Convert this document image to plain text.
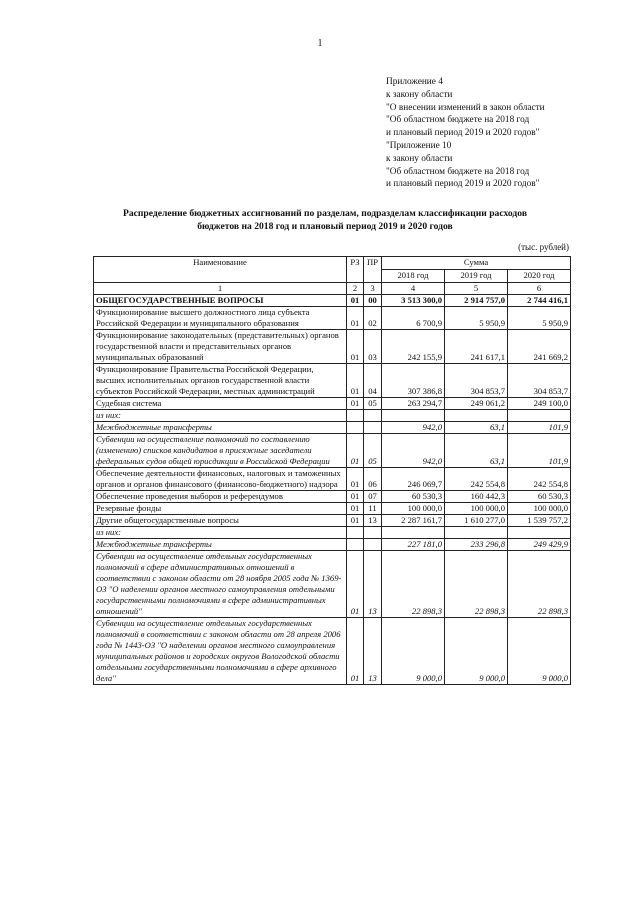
1
Приложение 4
к закону области
"О внесении изменений в закон области
"Об областном бюджете на 2018 год
и плановый период 2019 и 2020 годов"
"Приложение 10
к закону области
"Об областном бюджете на 2018 год
и плановый период 2019 и 2020 годов"
Распределение бюджетных ассигнований по разделам, подразделам классификации расходов
бюджетов на 2018 год и плановый период 2019 и 2020 годов
(тыс. рублей)
Наименование	РЗ	ПР	Сумма		
			2018 год	2019 год	2020 год
1	2	3	4	5	6
ОБЩЕГОСУДАРСТВЕННЫЕ ВОПРОСЫ	01	00	3 513 300,0	2 914 757,0	2 744 416,1
Функционирование высшего должностного лица субъекта Российской Федерации и муниципального образования	01	02	6 700,9	5 950,9	5 950,9
Функционирование законодательных (представительных) органов государственной власти и представительных органов муниципальных образований	01	03	242 155,9	241 617,1	241 669,2
Функционирование Правительства Российской Федерации, высших исполнительных органов государственной власти субъектов Российской Федерации, местных администраций	01	04	307 386,8	304 853,7	304 853,7
Судебная система	01	05	263 294,7	249 061,2	249 100,0
из них:					
Межбюджетные трансферты			942,0	63,1	101,9
Субвенции на осуществление полномочий по составлению (изменению) списков кандидатов в присяжные заседатели федеральных судов общей юрисдикции в Российской Федерации	01	05	942,0	63,1	101,9
Обеспечение деятельности финансовых, налоговых и таможенных органов и органов финансового (финансово-бюджетного) надзора	01	06	246 069,7	242 554,8	242 554,8
Обеспечение проведения выборов и референдумов	01	07	60 530,3	160 442,3	60 530,3
Резервные фонды	01	11	100 000,0	100 000,0	100 000,0
Другие общегосударственные вопросы	01	13	2 287 161,7	1 610 277,0	1 539 757,2
из них:					
Межбюджетные трансферты			227 181,0	233 296,8	249 429,9
Субвенции на осуществление отдельных государственных полномочий в сфере административных отношений в соответствии с законом области от 28 ноября 2005 года № 1369-ОЗ "О наделении органов местного самоуправления отдельными государственными полномочиями в сфере административных отношений"	01	13	22 898,3	22 898,3	22 898,3
Субвенции на осуществление отдельных государственных полномочий в соответствии с законом области от 28 апреля 2006 года № 1443-ОЗ "О наделении органов местного самоуправления муниципальных районов и городских округов Вологодской области отдельными государственными полномочиями в сфере архивного дела"	01	13	9 000,0	9 000,0	9 000,0
